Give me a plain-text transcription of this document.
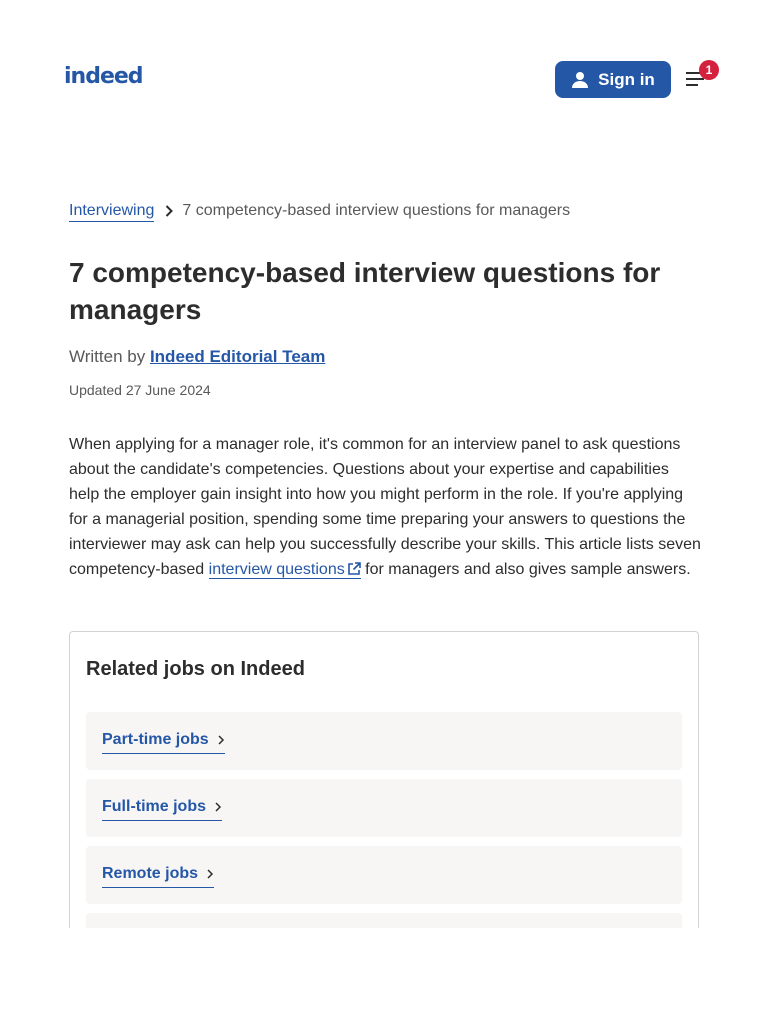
indeed	Sign in	1
Interviewing 7 competency-based interview questions for managers
7 competency-based interview questions for managers
Written by Indeed Editorial Team
Updated 27 June 2024

When applying for a manager role, it's common for an interview panel to ask questions about the candidate's competencies. Questions about your expertise and capabilities help the employer gain insight into how you might perform in the role. If you're applying for a managerial position, spending some time preparing your answers to questions the interviewer may ask can help you successfully describe your skills. This article lists seven competency-based interview questions for managers and also gives sample answers.

Related jobs on Indeed
Part-time jobs
Full-time jobs
Remote jobs
